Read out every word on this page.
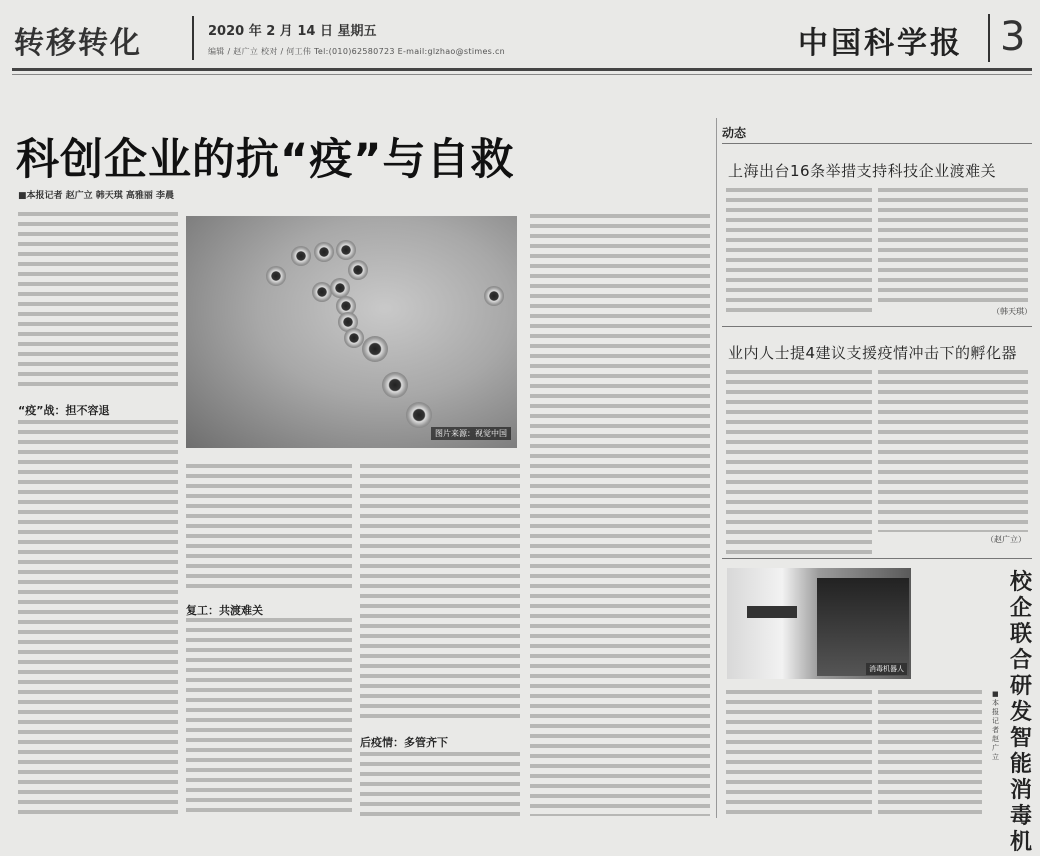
转移转化	2020 年 2 月 14 日 星期五
编辑 / 赵广立 校对 / 何工伟 Tel:(010)62580723 E-mail:glzhao@stimes.cn	中国科学报 3
科创企业的抗“疫”与自救
■本报记者 赵广立 韩天琪 高雅丽 李晨
“疫”战：担不容退
图片来源：视觉中国
复工：共渡难关
后疫情：多管齐下
动态
上海出台16条举措支持科技企业渡难关
（韩天琪）
业内人士提4建议支援疫情冲击下的孵化器
（赵广立）
消毒机器人
校企联合研发智能消毒机
■本报记者 赵广立
